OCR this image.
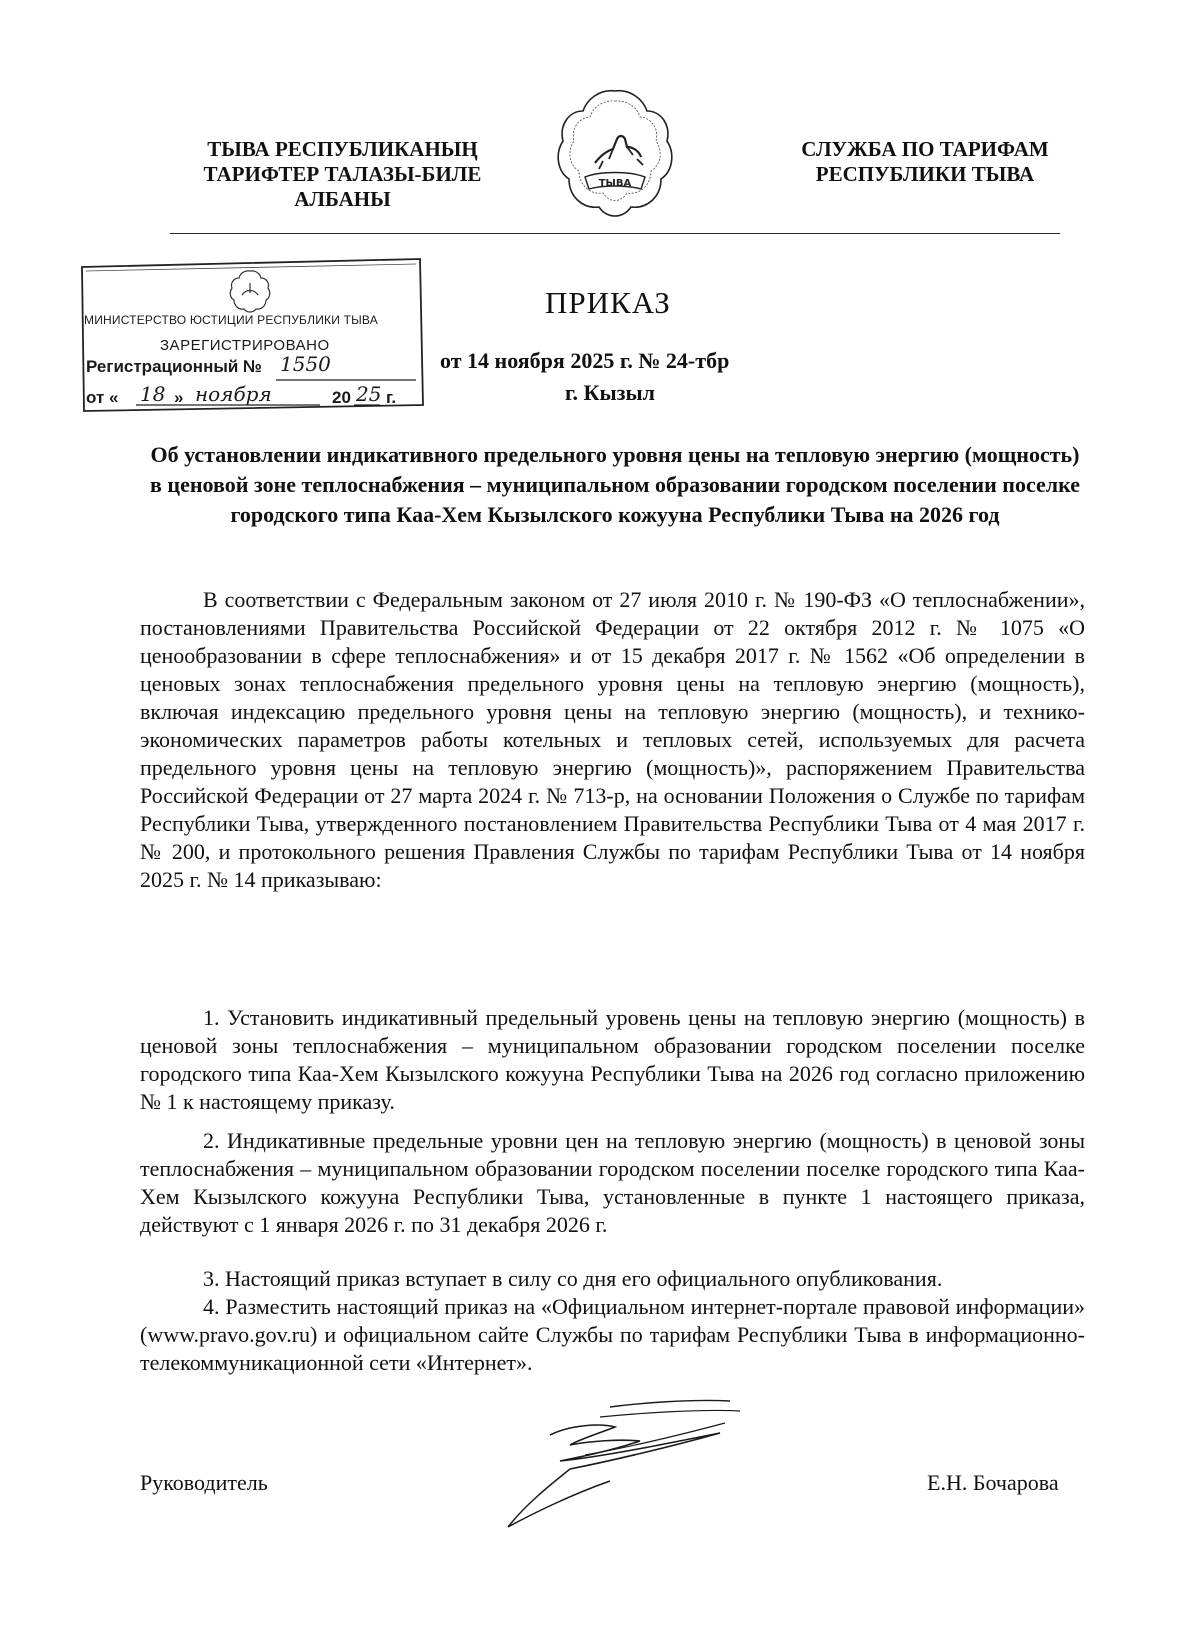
ТЫВА РЕСПУБЛИКАНЫҢ
ТАРИФТЕР ТАЛАЗЫ-БИЛЕ
АЛБАНЫ
ТЫВА
СЛУЖБА ПО ТАРИФАМ
РЕСПУБЛИКИ ТЫВА
МИНИСТЕРСТВО ЮСТИЦИИ РЕСПУБЛИКИ ТЫВА
ЗАРЕГИСТРИРОВАНО
Регистрационный № 1550
от « 18 » ноября	20 25 г.
ПРИКАЗ
от 14 ноября 2025 г. № 24-тбр
г. Кызыл
Об установлении индикативного предельного уровня цены на тепловую энергию (мощность) в ценовой зоне теплоснабжения – муниципальном образовании городском поселении поселке городского типа Каа-Хем Кызылского кожууна Республики Тыва на 2026 год

В соответствии с Федеральным законом от 27 июля 2010 г. № 190-ФЗ «О теплоснабжении», постановлениями Правительства Российской Федерации от 22 октября 2012 г. № 1075 «О ценообразовании в сфере теплоснабжения» и от 15 декабря 2017 г. № 1562 «Об определении в ценовых зонах теплоснабжения предельного уровня цены на тепловую энергию (мощность), включая индексацию предельного уровня цены на тепловую энергию (мощность), и технико-экономических параметров работы котельных и тепловых сетей, используемых для расчета предельного уровня цены на тепловую энергию (мощность)», распоряжением Правительства Российской Федерации от 27 марта 2024 г. № 713-р, на основании Положения о Службе по тарифам Республики Тыва, утвержденного постановлением Правительства Республики Тыва от 4 мая 2017 г. № 200, и протокольного решения Правления Службы по тарифам Республики Тыва от 14 ноября 2025 г. № 14 приказываю:

1. Установить индикативный предельный уровень цены на тепловую энергию (мощность) в ценовой зоны теплоснабжения – муниципальном образовании городском поселении поселке городского типа Каа-Хем Кызылского кожууна Республики Тыва на 2026 год согласно приложению № 1 к настоящему приказу.

2. Индикативные предельные уровни цен на тепловую энергию (мощность) в ценовой зоны теплоснабжения – муниципальном образовании городском поселении поселке городского типа Каа-Хем Кызылского кожууна Республики Тыва, установленные в пункте 1 настоящего приказа, действуют с 1 января 2026 г. по 31 декабря 2026 г.

3. Настоящий приказ вступает в силу со дня его официального опубликования.

4. Разместить настоящий приказ на «Официальном интернет-портале правовой информации» (www.pravo.gov.ru) и официальном сайте Службы по тарифам Республики Тыва в информационно-телекоммуникационной сети «Интернет».

Руководитель	Е.Н. Бочарова
